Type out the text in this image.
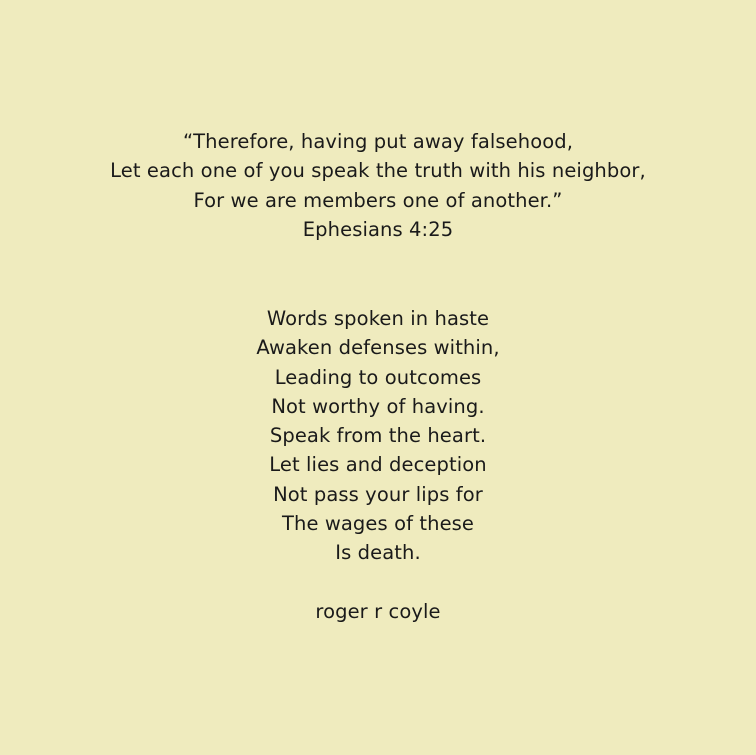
“Therefore, having put away falsehood,
Let each one of you speak the truth with his neighbor,
For we are members one of another.”
Ephesians 4:25
Words spoken in haste
Awaken defenses within,
Leading to outcomes
Not worthy of having.
Speak from the heart.
Let lies and deception
Not pass your lips for
The wages of these
Is death.
roger r coyle
